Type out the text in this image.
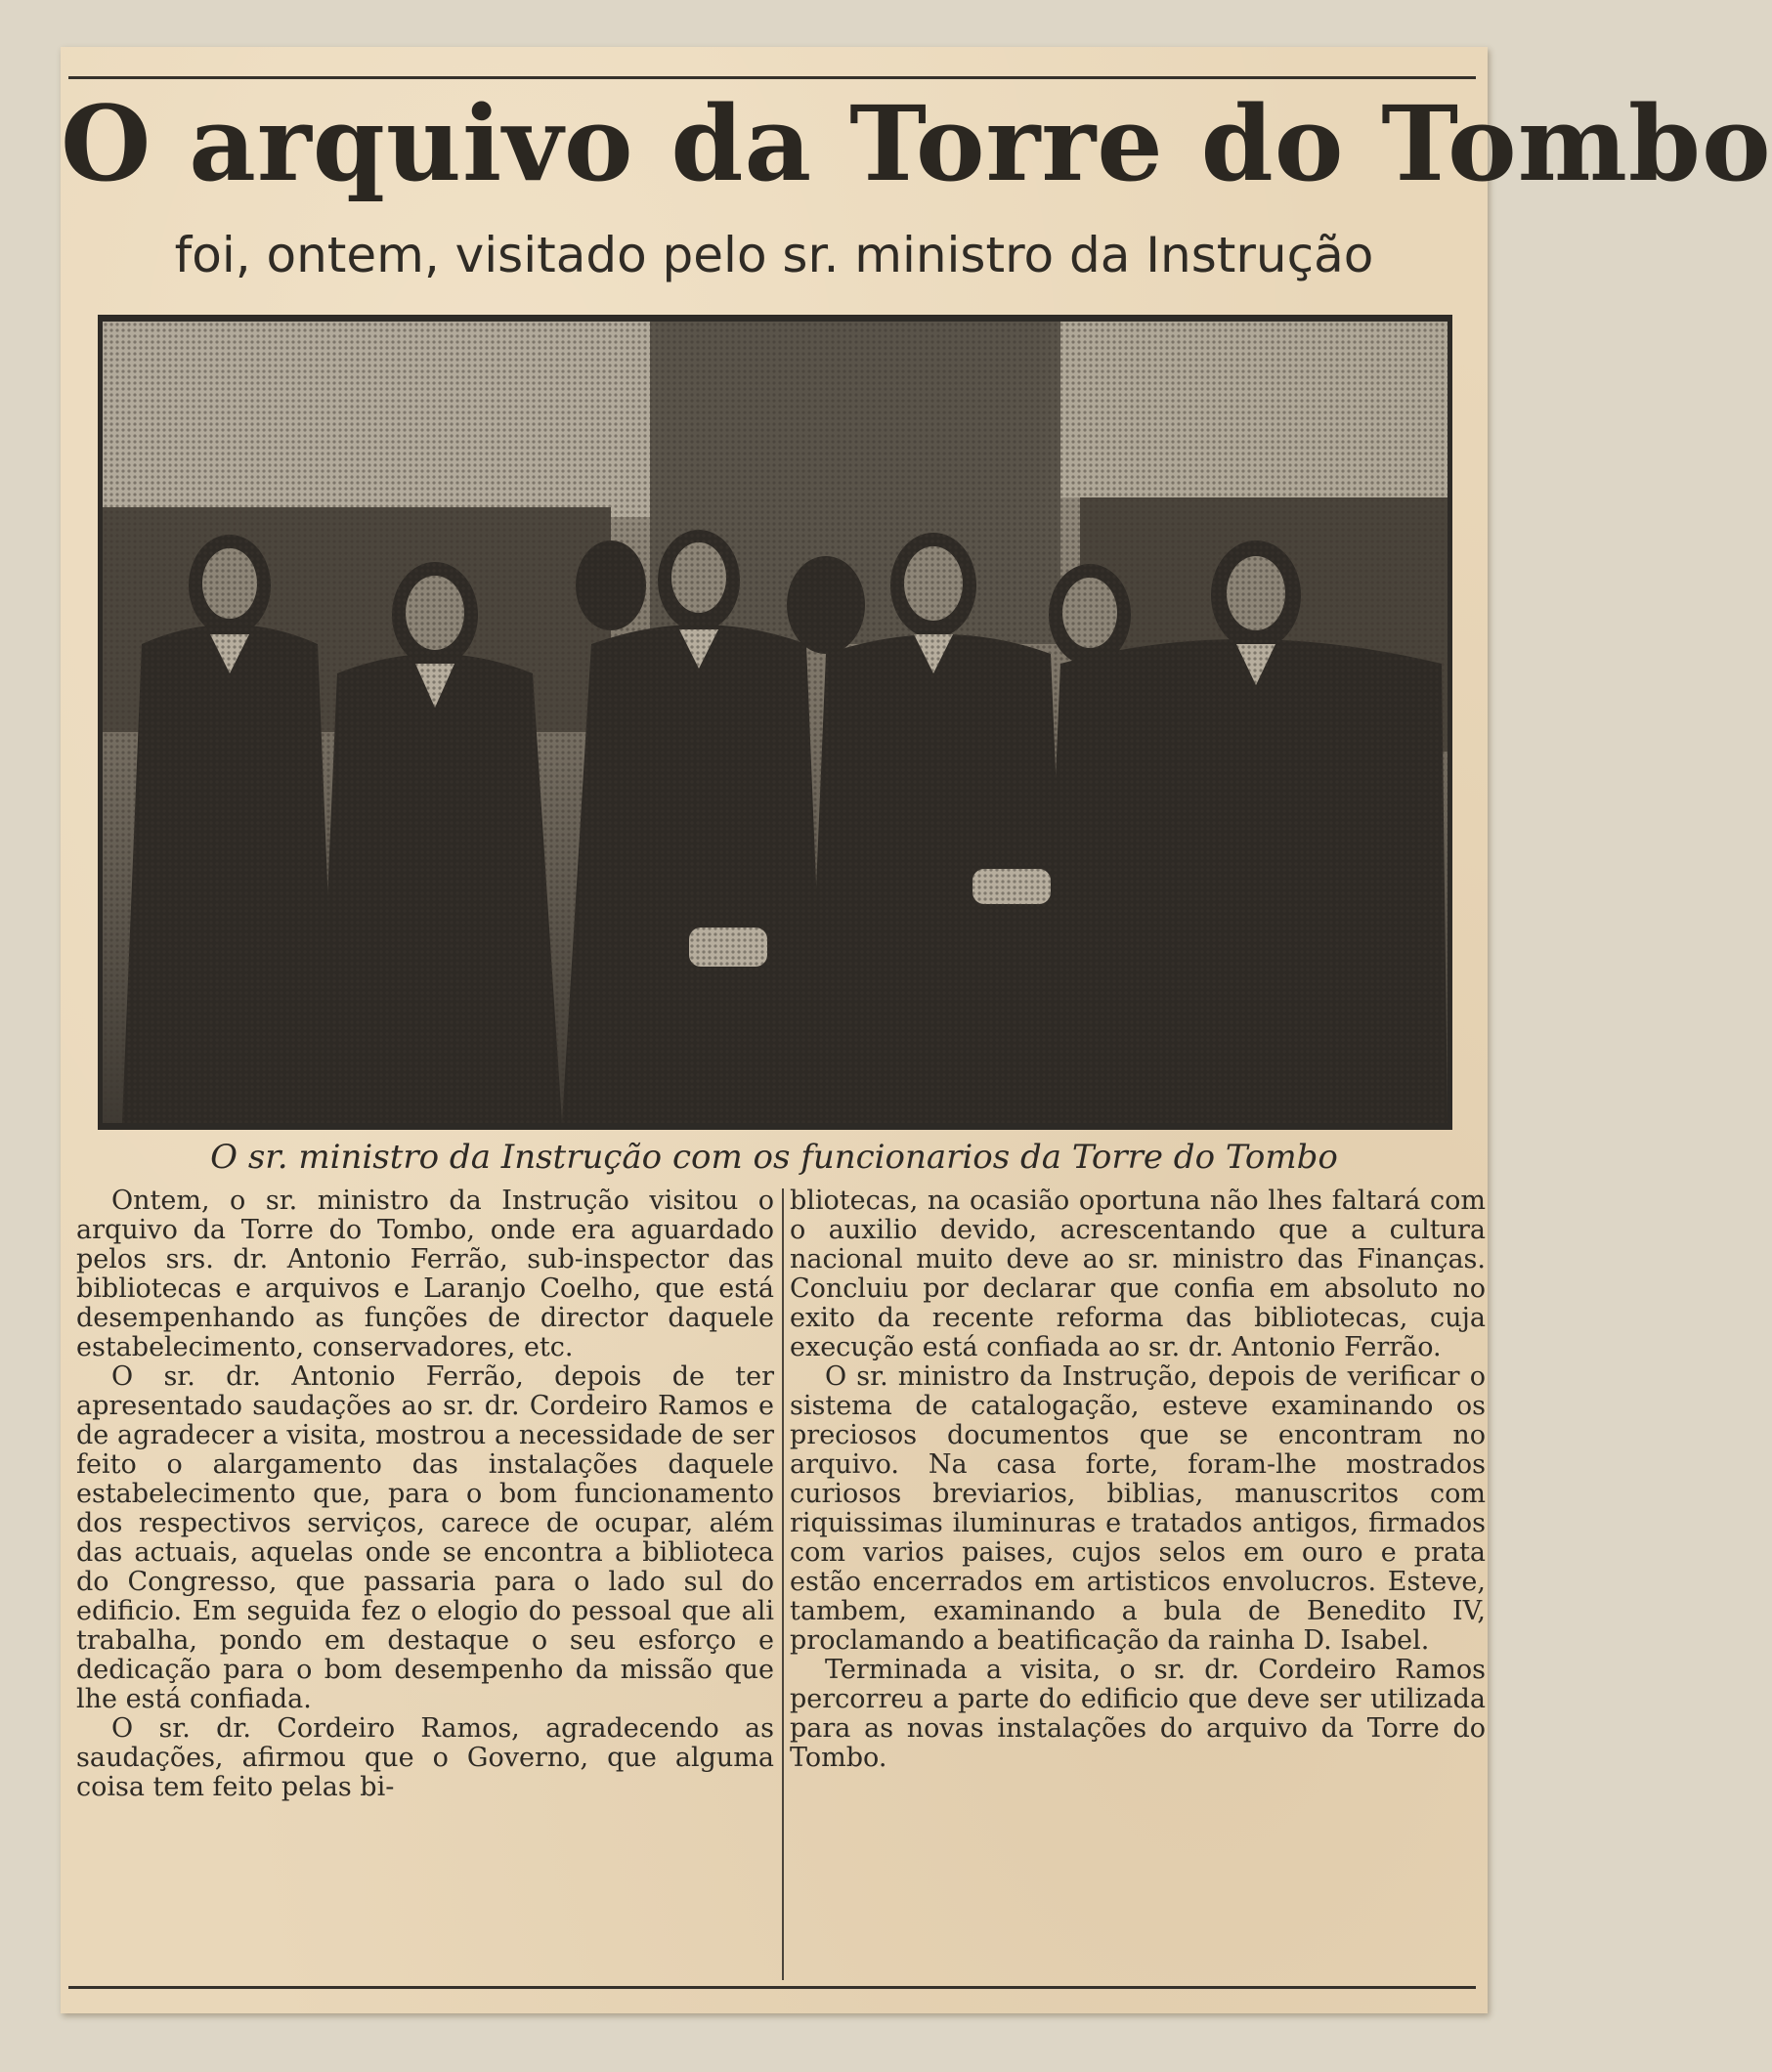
O arquivo da Torre do Tombo
foi, ontem, visitado pelo sr. ministro da Instrução
O sr. ministro da Instrução com os funcionarios da Torre do Tombo

Ontem, o sr. ministro da Instrução visitou o arquivo da Torre do Tombo, onde era aguardado pelos srs. dr. Antonio Ferrão, sub-inspector das bibliotecas e arquivos e Laranjo Coelho, que está desempenhando as funções de director daquele estabelecimento, conservadores, etc.

O sr. dr. Antonio Ferrão, depois de ter apresentado saudações ao sr. dr. Cordeiro Ramos e de agradecer a visita, mostrou a necessidade de ser feito o alargamento das instalações daquele estabelecimento que, para o bom funcionamento dos respectivos serviços, carece de ocupar, além das actuais, aquelas onde se encontra a biblioteca do Congresso, que passaria para o lado sul do edificio. Em seguida fez o elogio do pessoal que ali trabalha, pondo em destaque o seu esforço e dedicação para o bom desempenho da missão que lhe está confiada.

O sr. dr. Cordeiro Ramos, agradecendo as saudações, afirmou que o Governo, que alguma coisa tem feito pelas bi-

bliotecas, na ocasião oportuna não lhes faltará com o auxilio devido, acrescentando que a cultura nacional muito deve ao sr. ministro das Finanças. Concluiu por declarar que confia em absoluto no exito da recente reforma das bibliotecas, cuja execução está confiada ao sr. dr. Antonio Ferrão.

O sr. ministro da Instrução, depois de verificar o sistema de catalogação, esteve examinando os preciosos documentos que se encontram no arquivo. Na casa forte, foram-lhe mostrados curiosos breviarios, biblias, manuscritos com riquissimas iluminuras e tratados antigos, firmados com varios paises, cujos selos em ouro e prata estão encerrados em artisticos envolucros. Esteve, tambem, examinando a bula de Benedito IV, proclamando a beatificação da rainha D. Isabel.

Terminada a visita, o sr. dr. Cordeiro Ramos percorreu a parte do edificio que deve ser utilizada para as novas instalações do arquivo da Torre do Tombo.
